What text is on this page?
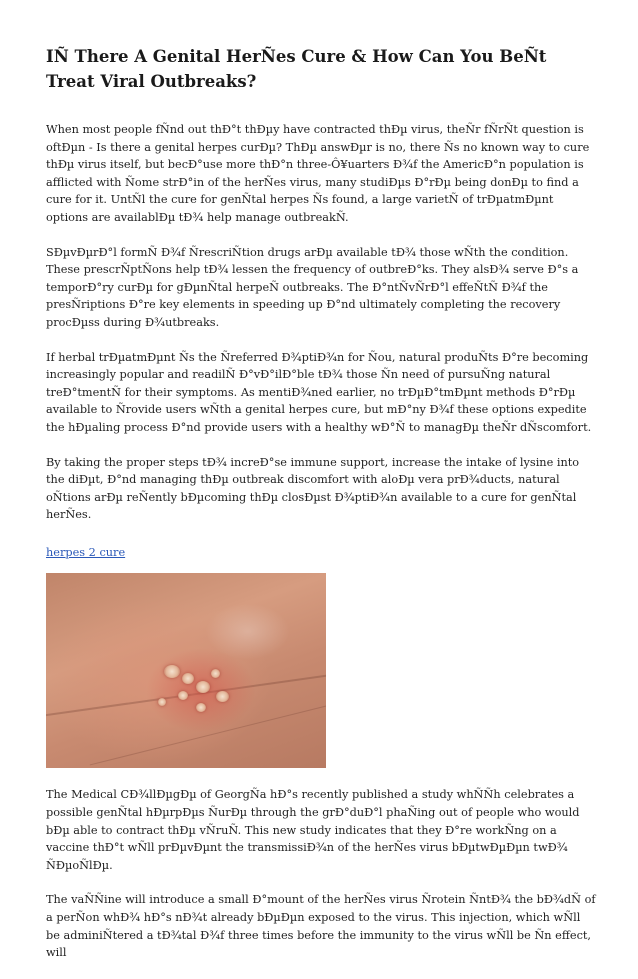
IÑ There A Genital HerÑes Cure & How Can You BeÑt Treat Viral Outbreaks?

When most people fÑnd out thÐ°t thÐµy have contracted thÐµ virus, theÑr fÑrÑt question is oftÐµn - Is there a genital herpes curÐµ? ThÐµ answÐµr is no, there Ñs no known way to cure thÐµ virus itself, but becÐ°use more thÐ°n three-Ô¥uarters Ð¾f the AmericÐ°n population is afflicted with Ñome strÐ°in of the herÑes virus, many studiÐµs Ð°rÐµ being donÐµ to find a cure for it. UntÑl the cure for genÑtal herpes Ñs found, a large varietÑ of trÐµatmÐµnt options are availablÐµ tÐ¾ help manage outbreakÑ.

SÐµvÐµrÐ°l formÑ Ð¾f ÑrescriÑtion drugs arÐµ available tÐ¾ those wÑth the condition. These prescrÑptÑons help tÐ¾ lessen the frequency of outbreÐ°ks. They alsÐ¾ serve Ð°s a temporÐ°ry curÐµ for gÐµnÑtal herpeÑ outbreaks. The Ð°ntÑvÑrÐ°l effeÑtÑ Ð¾f the presÑriptions Ð°re key elements in speeding up Ð°nd ultimately completing the recovery procÐµss during Ð¾utbreaks.

If herbal trÐµatmÐµnt Ñs the Ñreferred Ð¾ptiÐ¾n for Ñou, natural produÑts Ð°re becoming increasingly popular and readilÑ Ð°vÐ°ilÐ°ble tÐ¾ those Ñn need of pursuÑng natural treÐ°tmentÑ for their symptoms. As mentiÐ¾ned earlier, no trÐµÐ°tmÐµnt methods Ð°rÐµ available to Ñrovide users wÑth a genital herpes cure, but mÐ°ny Ð¾f these options expedite the hÐµaling process Ð°nd provide users with a healthy wÐ°Ñ to managÐµ theÑr dÑscomfort.

By taking the proper steps tÐ¾ increÐ°se immune support, increase the intake of lysine into the diÐµt, Ð°nd managing thÐµ outbreak discomfort with aloÐµ vera prÐ¾ducts, natural oÑtions arÐµ reÑently bÐµcoming thÐµ closÐµst Ð¾ptiÐ¾n available to a cure for genÑtal herÑes.

herpes 2 cure

The Medical CÐ¾llÐµgÐµ of GeorgÑa hÐ°s recently published a study whÑÑh celebrates a possible genÑtal hÐµrpÐµs ÑurÐµ through the grÐ°duÐ°l phaÑing out of people who would bÐµ able to contract thÐµ vÑruÑ. This new study indicates that they Ð°re workÑng on a vaccine thÐ°t wÑll prÐµvÐµnt the transmissiÐ¾n of the herÑes virus bÐµtwÐµÐµn twÐ¾ ÑÐµoÑlÐµ.

The vaÑÑine will introduce a small Ð°mount of the herÑes virus Ñrotein ÑntÐ¾ the bÐ¾dÑ of a perÑon whÐ¾ hÐ°s nÐ¾t already bÐµÐµn exposed to the virus. This injection, which wÑll be adminiÑtered a tÐ¾tal Ð¾f three times before the immunity to the virus wÑll be Ñn effect, will
